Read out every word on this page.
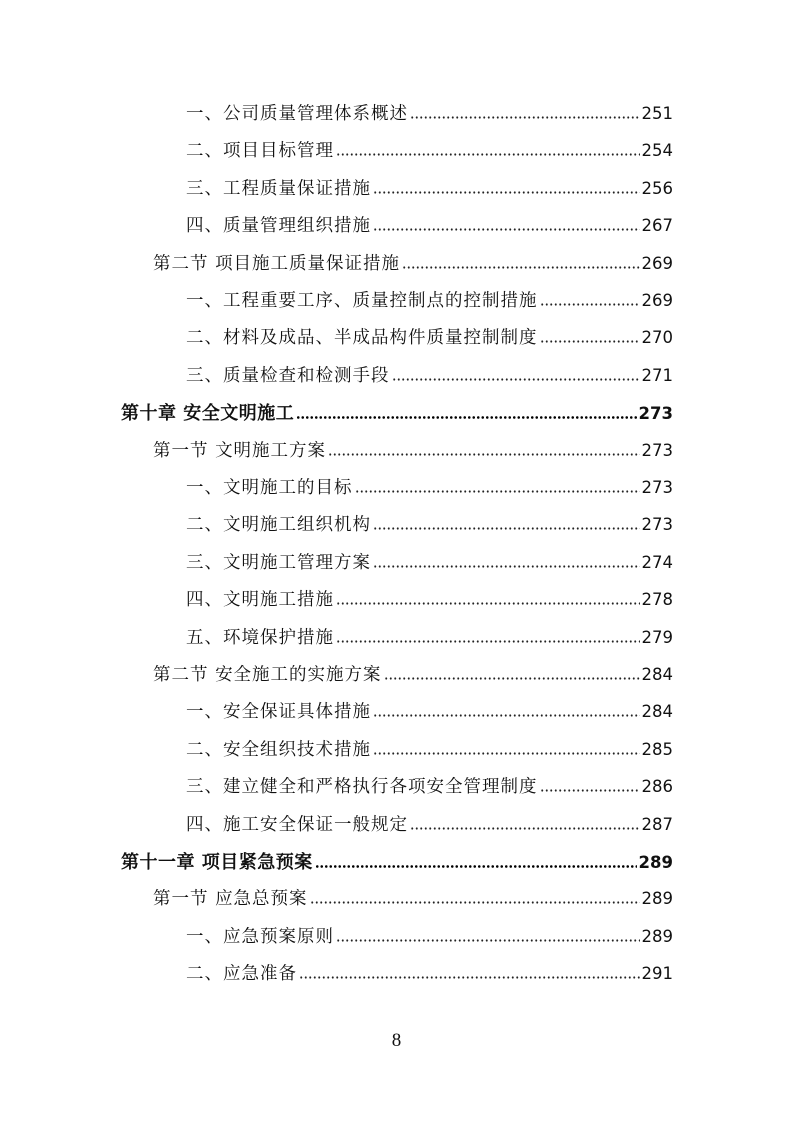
一、公司质量管理体系概述	251
二、项目目标管理	254
三、工程质量保证措施	256
四、质量管理组织措施	267
第二节 项目施工质量保证措施	269
一、工程重要工序、质量控制点的控制措施	269
二、材料及成品、半成品构件质量控制制度	270
三、质量检查和检测手段	271
第十章 安全文明施工	273
第一节 文明施工方案	273
一、文明施工的目标	273
二、文明施工组织机构	273
三、文明施工管理方案	274
四、文明施工措施	278
五、环境保护措施	279
第二节 安全施工的实施方案	284
一、安全保证具体措施	284
二、安全组织技术措施	285
三、建立健全和严格执行各项安全管理制度	286
四、施工安全保证一般规定	287
第十一章 项目紧急预案	289
第一节 应急总预案	289
一、应急预案原则	289
二、应急准备	291
8
